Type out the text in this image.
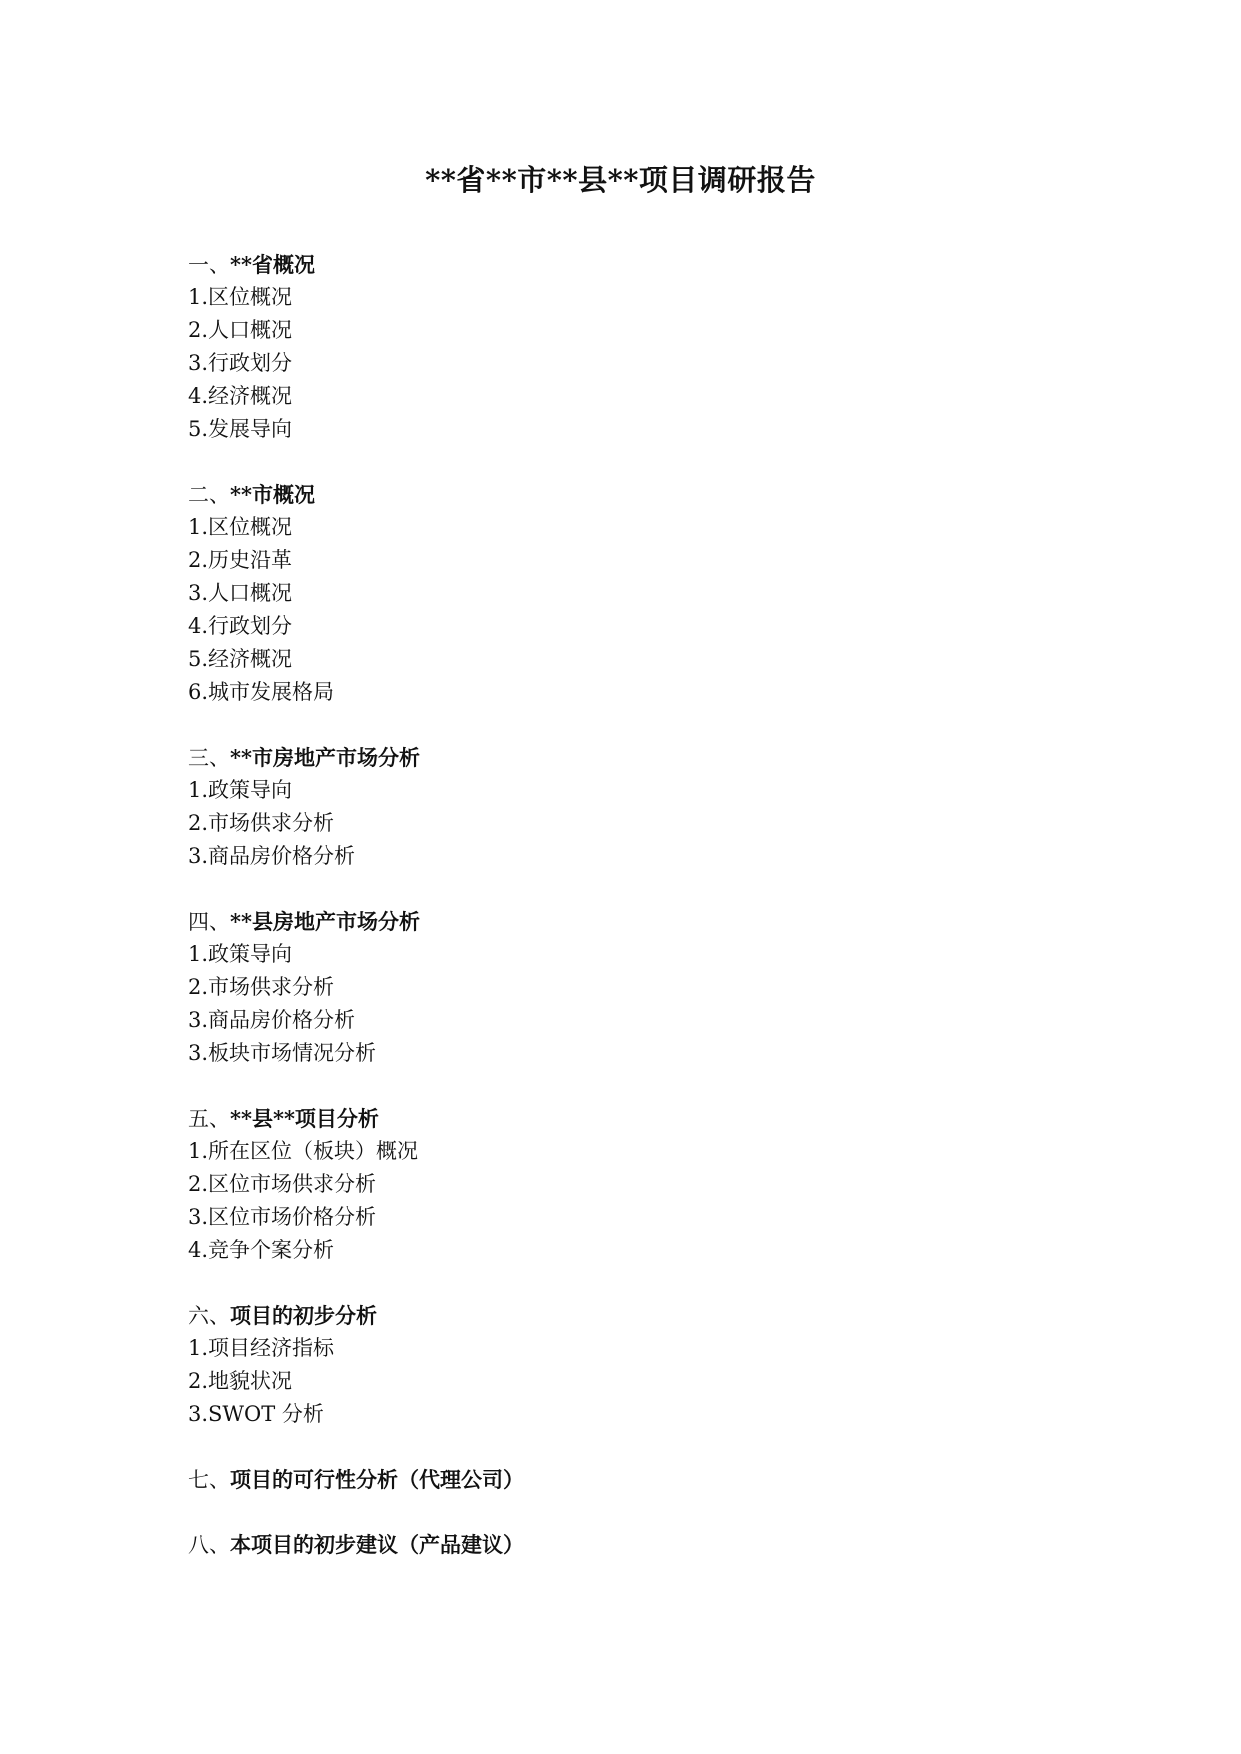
**省**市**县**项目调研报告

一、**省概况

1.区位概况

2.人口概况

3.行政划分

4.经济概况

5.发展导向

二、**市概况

1.区位概况

2.历史沿革

3.人口概况

4.行政划分

5.经济概况

6.城市发展格局

三、**市房地产市场分析

1.政策导向

2.市场供求分析

3.商品房价格分析

四、**县房地产市场分析

1.政策导向

2.市场供求分析

3.商品房价格分析

3.板块市场情况分析

五、**县**项目分析

1.所在区位（板块）概况

2.区位市场供求分析

3.区位市场价格分析

4.竞争个案分析

六、项目的初步分析

1.项目经济指标

2.地貌状况

3.SWOT 分析

七、项目的可行性分析（代理公司）

八、本项目的初步建议（产品建议）
